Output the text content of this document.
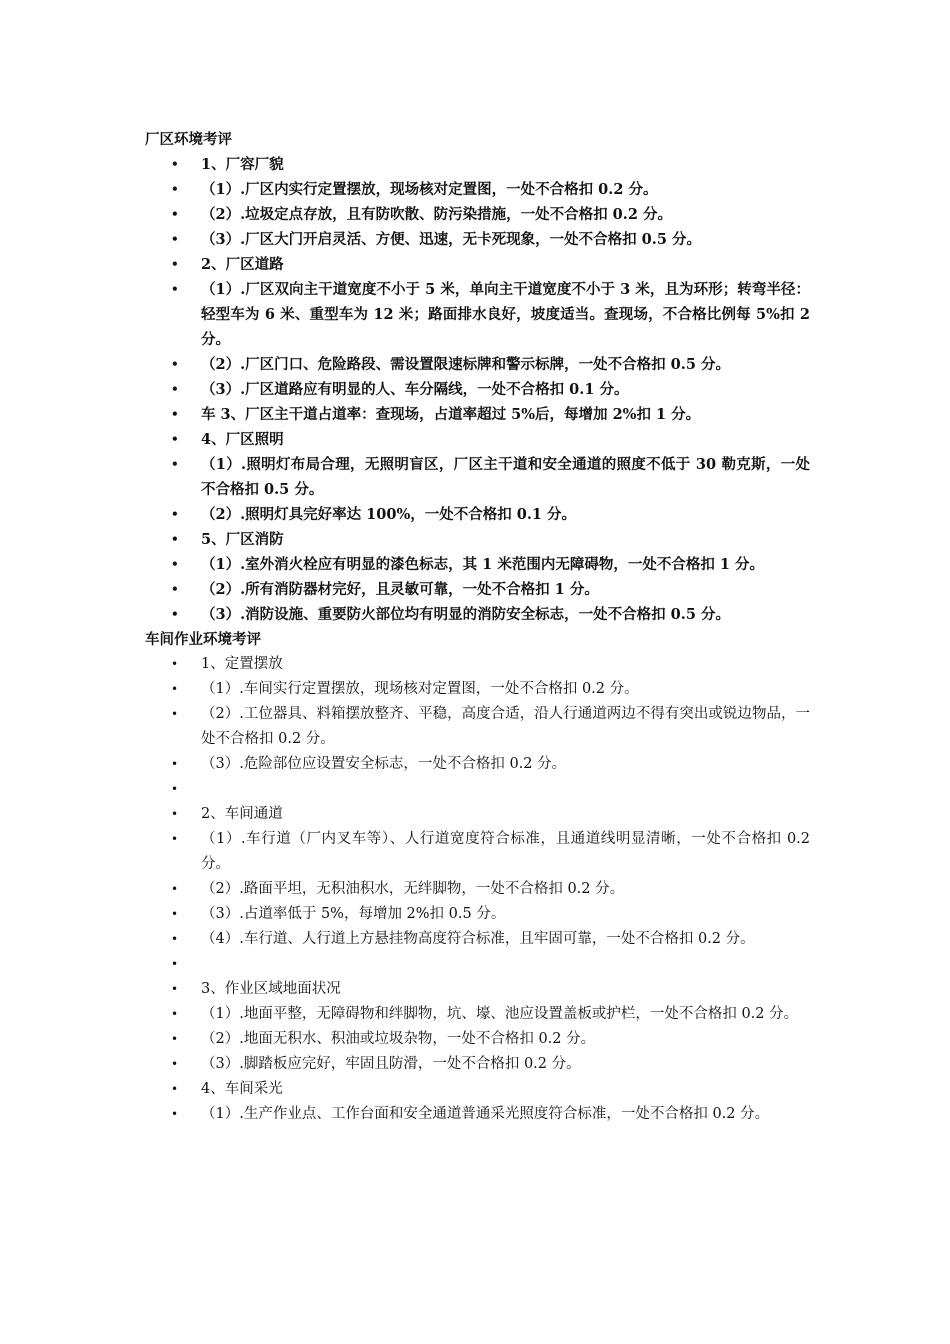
厂区环境考评

• 1、厂容厂貌
• （1）.厂区内实行定置摆放，现场核对定置图，一处不合格扣 0.2 分。
• （2）.垃圾定点存放，且有防吹散、防污染措施，一处不合格扣 0.2 分。
• （3）.厂区大门开启灵活、方便、迅速，无卡死现象，一处不合格扣 0.5 分。
• 2、厂区道路
• （1）.厂区双向主干道宽度不小于 5 米，单向主干道宽度不小于 3 米，且为环形；转弯半径：轻型车为 6 米、重型车为 12 米；路面排水良好，坡度适当。查现场，不合格比例每 5%扣 2 分。
• （2）.厂区门口、危险路段、需设置限速标牌和警示标牌，一处不合格扣 0.5 分。
• （3）.厂区道路应有明显的人、车分隔线，一处不合格扣 0.1 分。
• 车 3、厂区主干道占道率：查现场，占道率超过 5%后，每增加 2%扣 1 分。
• 4、厂区照明
• （1）.照明灯布局合理，无照明盲区，厂区主干道和安全通道的照度不低于 30 勒克斯，一处不合格扣 0.5 分。
• （2）.照明灯具完好率达 100%，一处不合格扣 0.1 分。
• 5、厂区消防
• （1）.室外消火栓应有明显的漆色标志，其 1 米范围内无障碍物，一处不合格扣 1 分。
• （2）.所有消防器材完好，且灵敏可靠，一处不合格扣 1 分。
• （3）.消防设施、重要防火部位均有明显的消防安全标志，一处不合格扣 0.5 分。

车间作业环境考评

• 1、定置摆放
• （1）.车间实行定置摆放，现场核对定置图，一处不合格扣 0.2 分。
• （2）.工位器具、料箱摆放整齐、平稳，高度合适，沿人行通道两边不得有突出或锐边物品，一处不合格扣 0.2 分。
• （3）.危险部位应设置安全标志，一处不合格扣 0.2 分。
•

• 2、车间通道
• （1）.车行道（厂内叉车等）、人行道宽度符合标准，且通道线明显清晰，一处不合格扣 0.2 分。
• （2）.路面平坦，无积油积水，无绊脚物，一处不合格扣 0.2 分。
• （3）.占道率低于 5%，每增加 2%扣 0.5 分。
• （4）.车行道、人行道上方悬挂物高度符合标准，且牢固可靠，一处不合格扣 0.2 分。
•

• 3、作业区域地面状况
• （1）.地面平整，无障碍物和绊脚物，坑、壕、池应设置盖板或护栏，一处不合格扣 0.2 分。
• （2）.地面无积水、积油或垃圾杂物，一处不合格扣 0.2 分。
• （3）.脚踏板应完好，牢固且防滑，一处不合格扣 0.2 分。
• 4、车间采光
• （1）.生产作业点、工作台面和安全通道普通采光照度符合标准，一处不合格扣 0.2 分。
